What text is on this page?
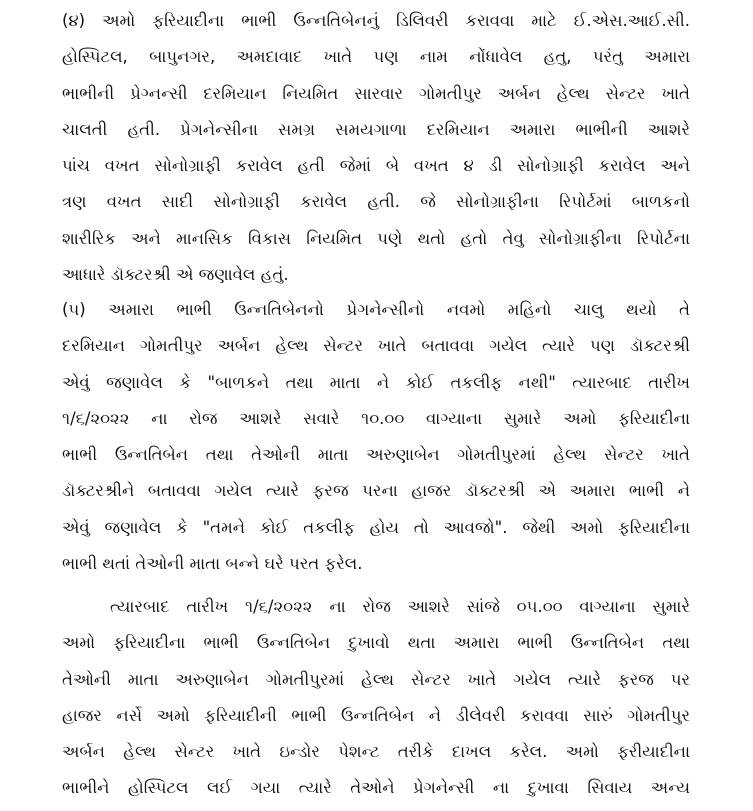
(૪) અમો ફરિયાદીના ભાભી ઉન્નતિબેનનું ડિલિવરી કરાવવા માટે ઈ.એસ.આઈ.સી.
હોસ્પિટલ, બાપુનગર, અમદાવાદ ખાતે પણ નામ નોંધાવેલ હતુ, પરંતુ અમારા
ભાભીની પ્રેગ્નન્સી દરમિયાન નિયમિત સારવાર ગોમતીપુર અર્બન હેલ્થ સેન્ટર ખાતે
ચાલતી હતી. પ્રેગનેન્સીના સમગ્ર સમયગાળા દરમિયાન અમારા ભાભીની આશરે
પાંચ વખત સોનોગ્રાફી કરાવેલ હતી જેમાં બે વખત ૪ ડી સોનોગ્રાફી કરાવેલ અને
ત્રણ વખત સાદી સોનોગ્રાફી કરાવેલ હતી. જે સોનોગ્રાફીના રિપોર્ટમાં બાળકનો
શારીરિક અને માનસિક વિકાસ નિયમિત પણે થતો હતો તેવુ સોનોગ્રાફીના રિપોર્ટના
આધારે ડૉક્ટરશ્રી એ જણાવેલ હતું.
(૫) અમારા ભાભી ઉન્નતિબેનનો પ્રેગનેન્સીનો નવમો મહિનો ચાલુ થયો તે
દરમિયાન ગોમતીપુર અર્બન હેલ્થ સેન્ટર ખાતે બતાવવા ગયેલ ત્યારે પણ ડૉક્ટરશ્રી
એવું જણાવેલ કે "બાળકને તથા માતા ને કોઈ તકલીફ નથી" ત્યારબાદ તારીખ
૧/૬/૨૦૨૨ ના રોજ આશરે સવારે ૧૦.૦૦ વાગ્યાના સુમારે અમો ફરિયાદીના
ભાભી ઉન્નતિબેન તથા તેઓની માતા અરુણાબેન ગોમતીપુરમાં હેલ્થ સેન્ટર ખાતે
ડૉક્ટરશ્રીને બતાવવા ગયેલ ત્યારે ફરજ પરના હાજર ડૉક્ટરશ્રી એ અમારા ભાભી ને
એવું જણાવેલ કે "તમને કોઈ તકલીફ હોય તો આવજો". જેથી અમો ફરિયાદીના
ભાભી થતાં તેઓની માતા બન્ને ઘરે પરત ફરેલ.
ત્યારબાદ તારીખ ૧/૬/૨૦૨૨ ના રોજ આશરે સાંજે ૦૫.૦૦ વાગ્યાના સુમારે
અમો ફરિયાદીના ભાભી ઉન્નતિબેન દુખાવો થતા અમારા ભાભી ઉન્નતિબેન તથા
તેઓની માતા અરુણાબેન ગોમતીપુરમાં હેલ્થ સેન્ટર ખાતે ગયેલ ત્યારે ફરજ પર
હાજર નર્સે અમો ફરિયાદીની ભાભી ઉન્નતિબેન ને ડીલેવરી કરાવવા સારું ગોમતીપુર
અર્બન હેલ્થ સેન્ટર ખાતે ઇન્ડોર પેશન્ટ તરીકે દાખલ કરેલ. અમો ફરીયાદીના
ભાભીને હોસ્પિટલ લઈ ગયા ત્યારે તેઓને પ્રેગનેન્સી ના દુખાવા સિવાય અન્ય
